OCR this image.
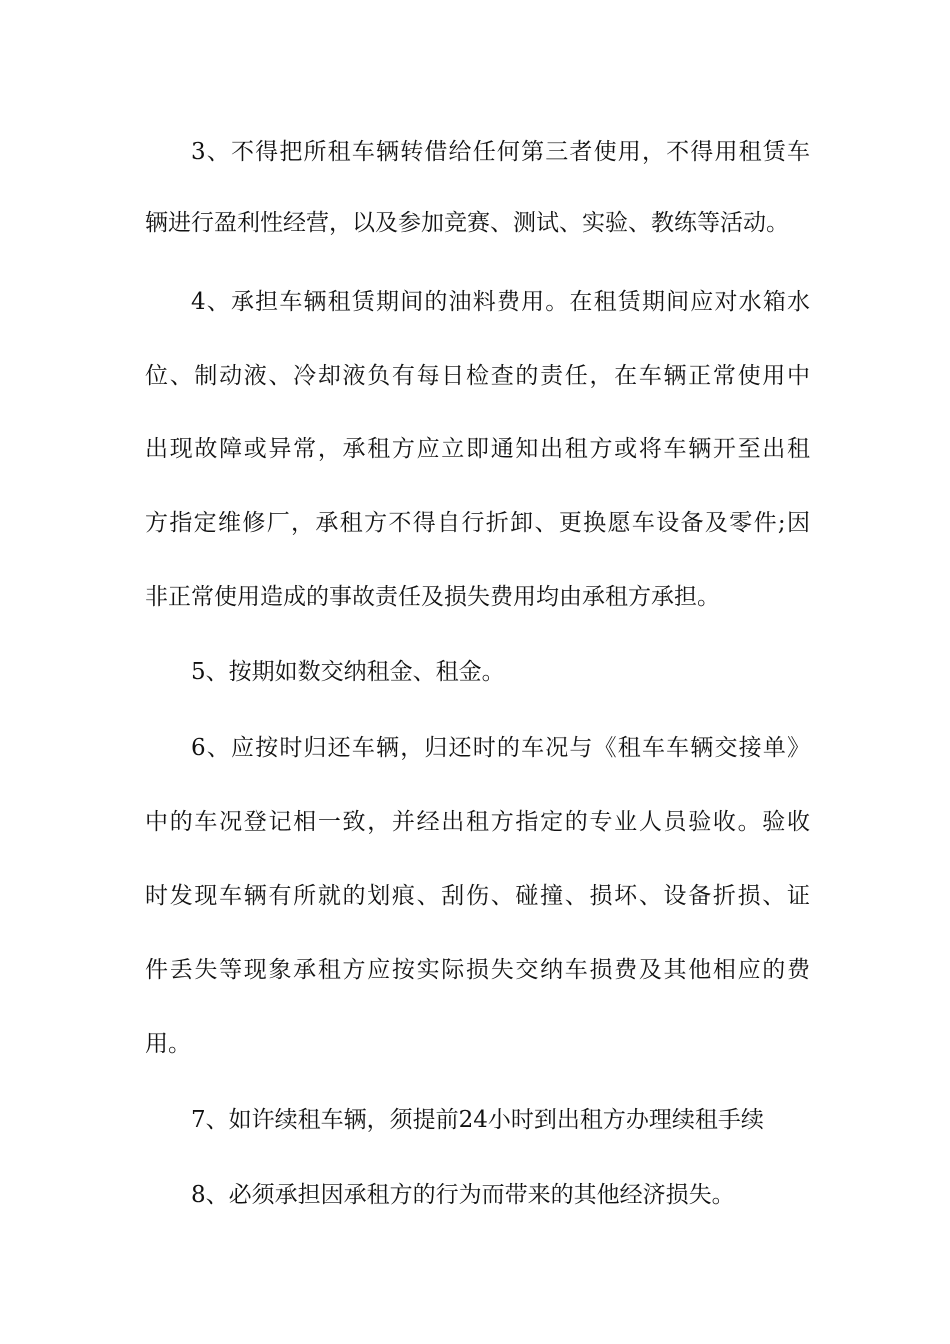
3、不得把所租车辆转借给任何第三者使用，不得用租赁车
辆进行盈利性经营，以及参加竞赛、测试、实验、教练等活动。
4、承担车辆租赁期间的油料费用。在租赁期间应对水箱水
位、制动液、冷却液负有每日检查的责任，在车辆正常使用中
出现故障或异常，承租方应立即通知出租方或将车辆开至出租
方指定维修厂，承租方不得自行折卸、更换愿车设备及零件;因
非正常使用造成的事故责任及损失费用均由承租方承担。
5、按期如数交纳租金、租金。
6、应按时归还车辆，归还时的车况与《租车车辆交接单》
中的车况登记相一致，并经出租方指定的专业人员验收。验收
时发现车辆有所就的划痕、刮伤、碰撞、损坏、设备折损、证
件丢失等现象承租方应按实际损失交纳车损费及其他相应的费
用。
7、如许续租车辆，须提前24小时到出租方办理续租手续
8、必须承担因承租方的行为而带来的其他经济损失。
